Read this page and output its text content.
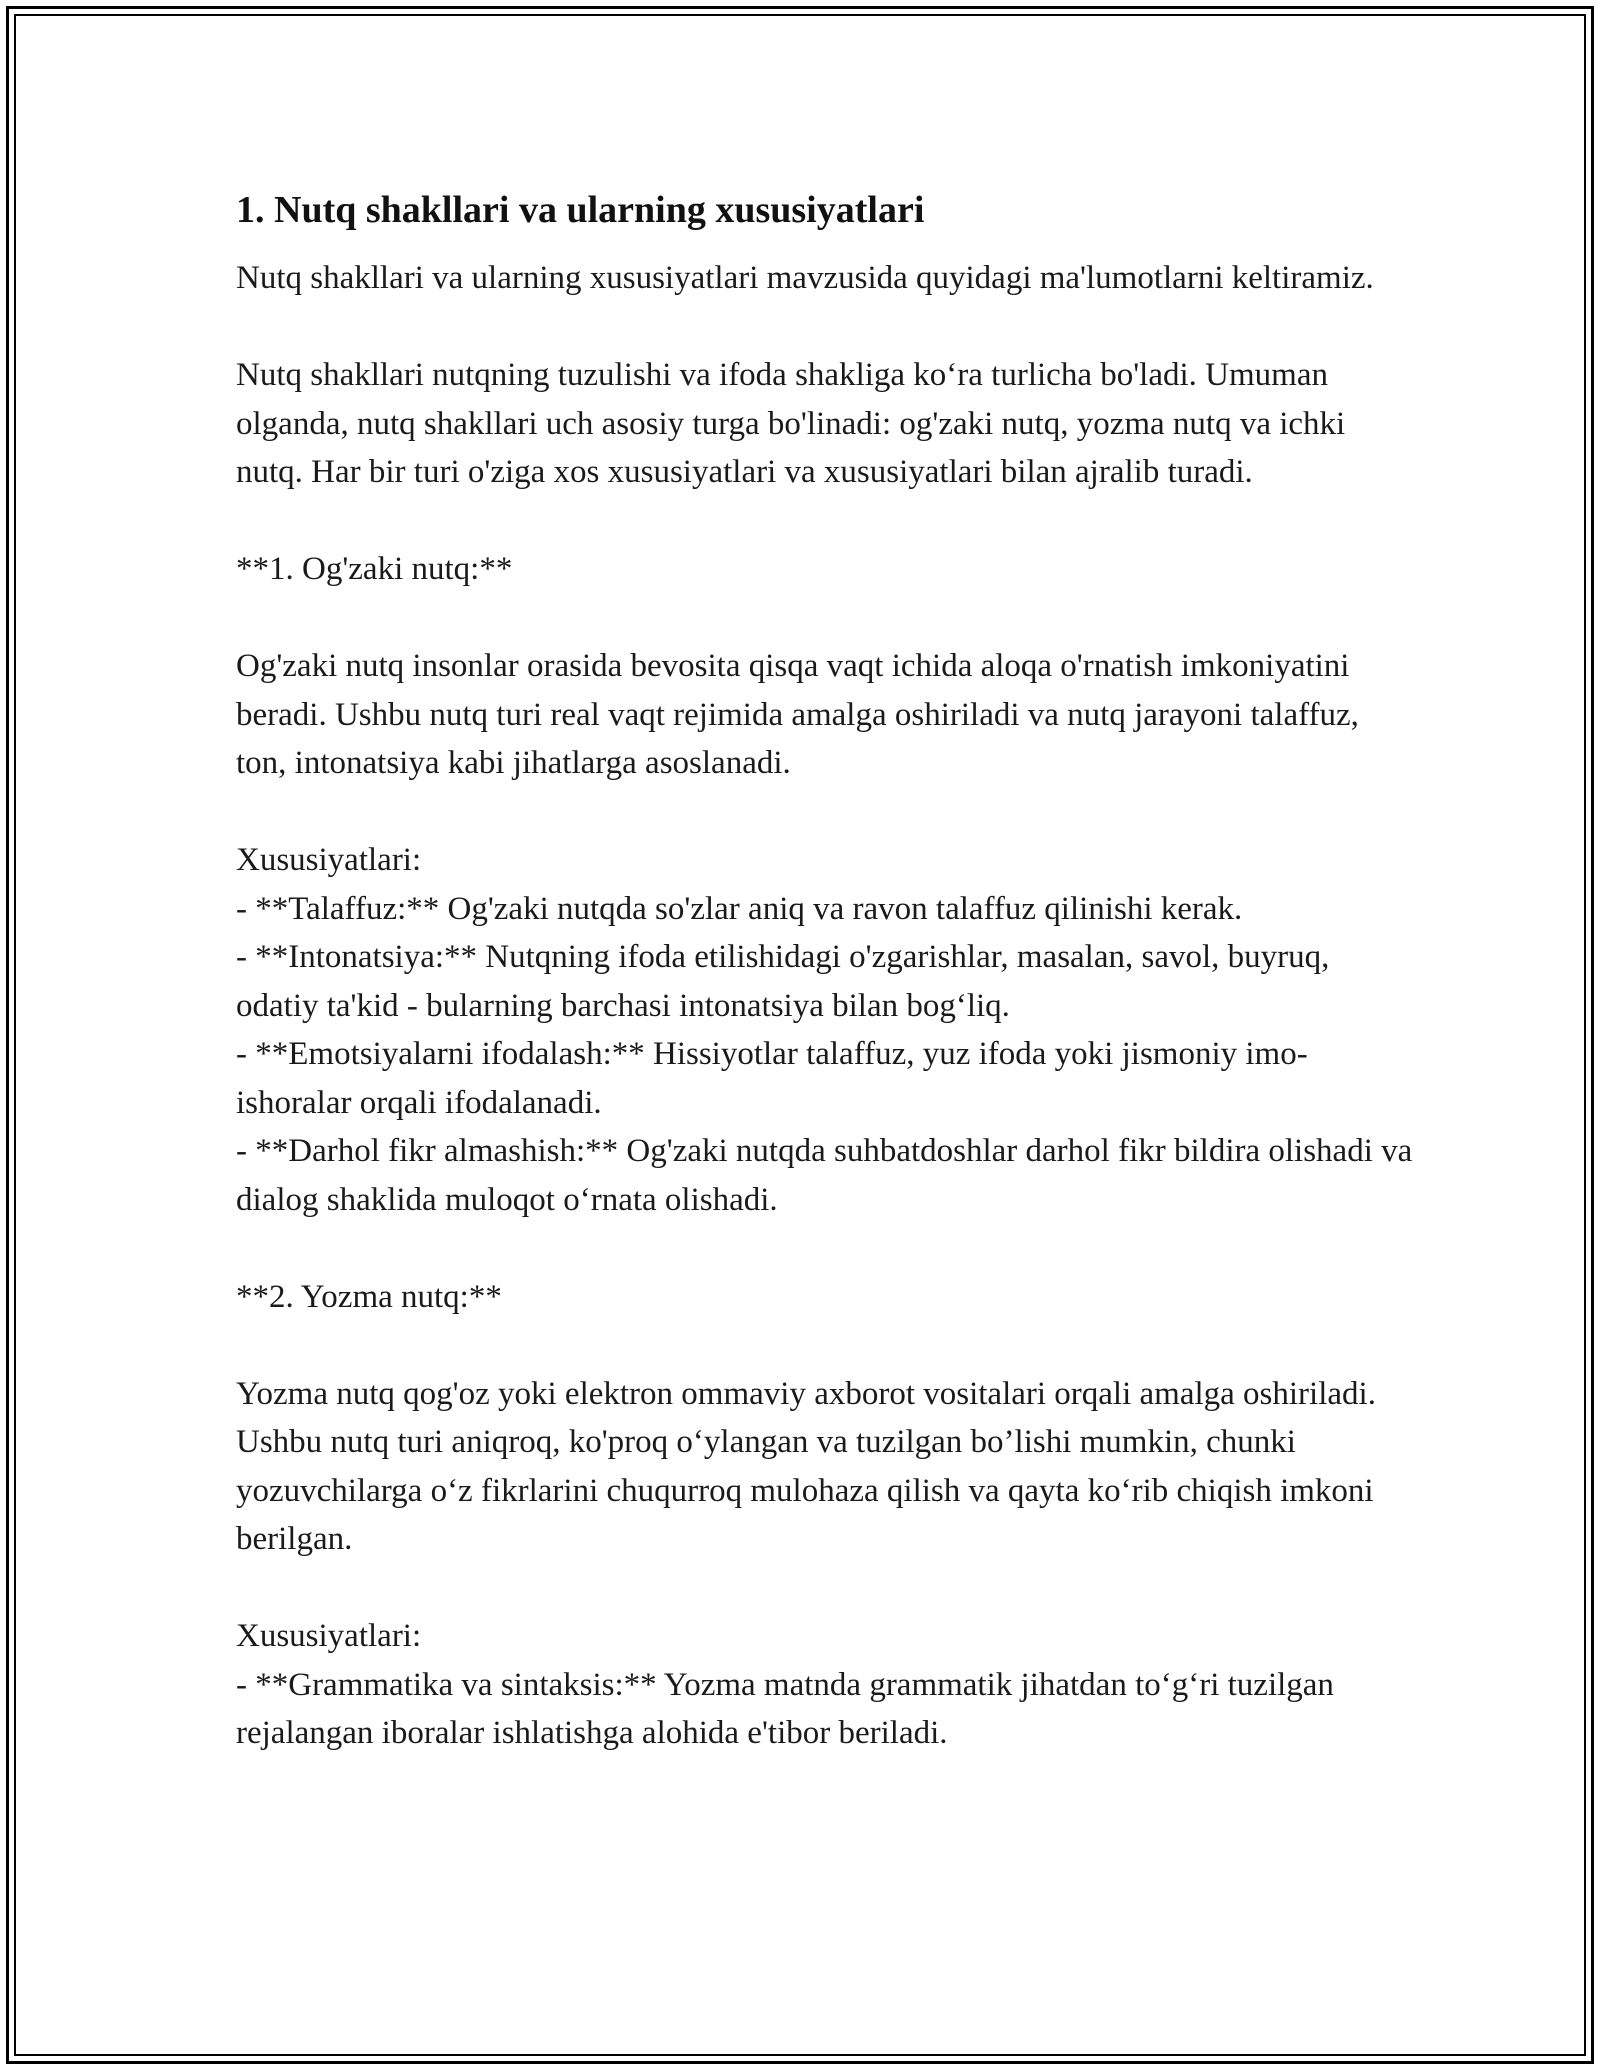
1. Nutq shakllari va ularning xususiyatlari

Nutq shakllari va ularning xususiyatlari mavzusida quyidagi ma'lumotlarni keltiramiz.

Nutq shakllari nutqning tuzulishi va ifoda shakliga ko‘ra turlicha bo'ladi. Umuman olganda, nutq shakllari uch asosiy turga bo'linadi: og'zaki nutq, yozma nutq va ichki nutq. Har bir turi o'ziga xos xususiyatlari va xususiyatlari bilan ajralib turadi.

**1. Og'zaki nutq:**

Og'zaki nutq insonlar orasida bevosita qisqa vaqt ichida aloqa o'rnatish imkoniyatini beradi. Ushbu nutq turi real vaqt rejimida amalga oshiriladi va nutq jarayoni talaffuz, ton, intonatsiya kabi jihatlarga asoslanadi.

Xususiyatlari:
- **Talaffuz:** Og'zaki nutqda so'zlar aniq va ravon talaffuz qilinishi kerak.
- **Intonatsiya:** Nutqning ifoda etilishidagi o'zgarishlar, masalan, savol, buyruq, odatiy ta'kid - bularning barchasi intonatsiya bilan bog‘liq.
- **Emotsiyalarni ifodalash:** Hissiyotlar talaffuz, yuz ifoda yoki jismoniy imo-ishoralar orqali ifodalanadi.
- **Darhol fikr almashish:** Og'zaki nutqda suhbatdoshlar darhol fikr bildira olishadi va dialog shaklida muloqot o‘rnata olishadi.

**2. Yozma nutq:**

Yozma nutq qog'oz yoki elektron ommaviy axborot vositalari orqali amalga oshiriladi. Ushbu nutq turi aniqroq, ko'proq o‘ylangan va tuzilgan bo’lishi mumkin, chunki yozuvchilarga o‘z fikrlarini chuqurroq mulohaza qilish va qayta ko‘rib chiqish imkoni berilgan.

Xususiyatlari:
- **Grammatika va sintaksis:** Yozma matnda grammatik jihatdan to‘g‘ri tuzilgan rejalangan iboralar ishlatishga alohida e'tibor beriladi.
